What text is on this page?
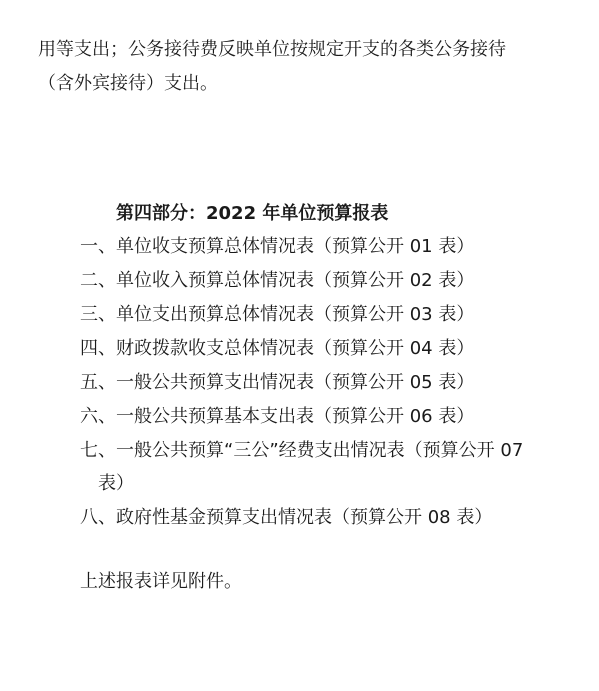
用等支出；公务接待费反映单位按规定开支的各类公务接待
（含外宾接待）支出。
第四部分：2022 年单位预算报表
一、单位收支预算总体情况表（预算公开 01 表）
二、单位收入预算总体情况表（预算公开 02 表）
三、单位支出预算总体情况表（预算公开 03 表）
四、财政拨款收支总体情况表（预算公开 04 表）
五、一般公共预算支出情况表（预算公开 05 表）
六、一般公共预算基本支出表（预算公开 06 表）
七、一般公共预算“三公”经费支出情况表（预算公开 07
表）
八、政府性基金预算支出情况表（预算公开 08 表）
上述报表详见附件。
